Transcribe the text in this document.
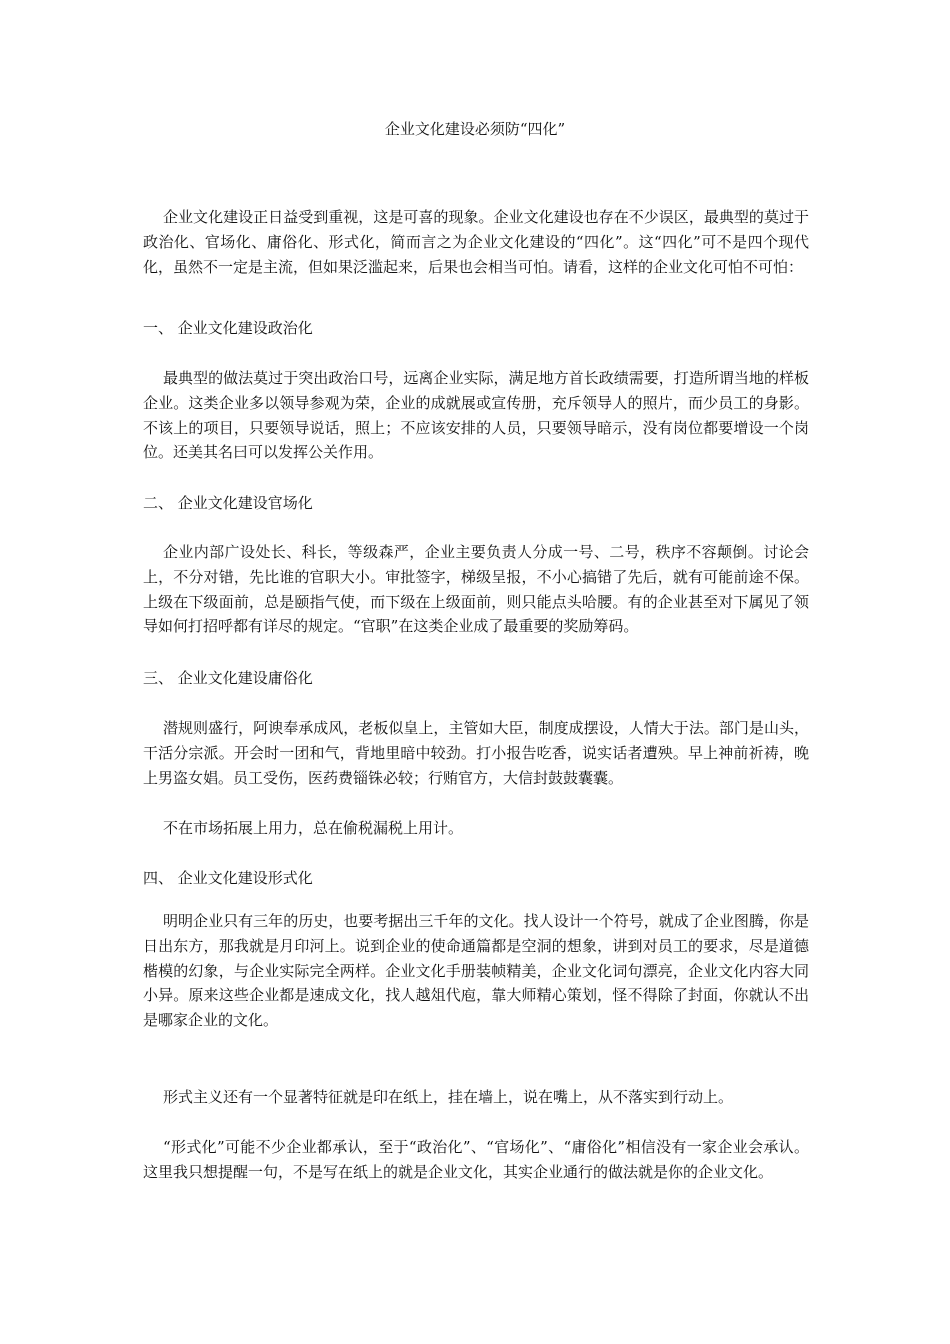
企业文化建设必须防“四化”
企业文化建设正日益受到重视，这是可喜的现象。企业文化建设也存在不少误区，最典型的莫过于政治化、官场化、庸俗化、形式化，简而言之为企业文化建设的“四化”。这“四化”可不是四个现代化，虽然不一定是主流，但如果泛滥起来，后果也会相当可怕。请看，这样的企业文化可怕不可怕：
一、 企业文化建设政治化
最典型的做法莫过于突出政治口号，远离企业实际，满足地方首长政绩需要，打造所谓当地的样板企业。这类企业多以领导参观为荣，企业的成就展或宣传册，充斥领导人的照片，而少员工的身影。不该上的项目，只要领导说话，照上；不应该安排的人员，只要领导暗示，没有岗位都要增设一个岗位。还美其名曰可以发挥公关作用。
二、 企业文化建设官场化
企业内部广设处长、科长，等级森严，企业主要负责人分成一号、二号，秩序不容颠倒。讨论会上，不分对错，先比谁的官职大小。审批签字，梯级呈报，不小心搞错了先后，就有可能前途不保。上级在下级面前，总是颐指气使，而下级在上级面前，则只能点头哈腰。有的企业甚至对下属见了领导如何打招呼都有详尽的规定。“官职”在这类企业成了最重要的奖励筹码。
三、 企业文化建设庸俗化
潜规则盛行，阿谀奉承成风，老板似皇上，主管如大臣，制度成摆设，人情大于法。部门是山头，干活分宗派。开会时一团和气，背地里暗中较劲。打小报告吃香，说实话者遭殃。早上神前祈祷，晚上男盗女娼。员工受伤，医药费锱铢必较；行贿官方，大信封鼓鼓囊囊。
不在市场拓展上用力，总在偷税漏税上用计。
四、 企业文化建设形式化
明明企业只有三年的历史，也要考据出三千年的文化。找人设计一个符号，就成了企业图腾，你是日出东方，那我就是月印河上。说到企业的使命通篇都是空洞的想象，讲到对员工的要求，尽是道德楷模的幻象，与企业实际完全两样。企业文化手册装帧精美，企业文化词句漂亮，企业文化内容大同小异。原来这些企业都是速成文化，找人越俎代庖，靠大师精心策划，怪不得除了封面，你就认不出是哪家企业的文化。
形式主义还有一个显著特征就是印在纸上，挂在墙上，说在嘴上，从不落实到行动上。
“形式化”可能不少企业都承认，至于“政治化”、“官场化”、“庸俗化”相信没有一家企业会承认。这里我只想提醒一句，不是写在纸上的就是企业文化，其实企业通行的做法就是你的企业文化。
